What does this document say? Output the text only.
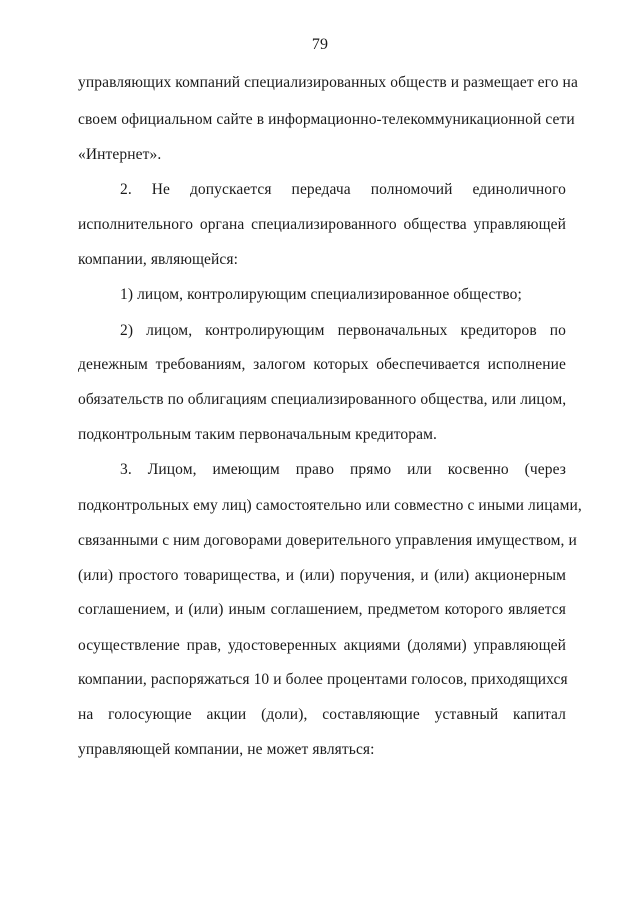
79
управляющих компаний специализированных обществ и размещает его на
своем официальном сайте в информационно-телекоммуникационной сети
«Интернет».
2. Не допускается передача полномочий единоличного
исполнительного органа специализированного общества управляющей
компании, являющейся:
1) лицом, контролирующим специализированное общество;
2) лицом, контролирующим первоначальных кредиторов по
денежным требованиям, залогом которых обеспечивается исполнение
обязательств по облигациям специализированного общества, или лицом,
подконтрольным таким первоначальным кредиторам.
3. Лицом, имеющим право прямо или косвенно (через
подконтрольных ему лиц) самостоятельно или совместно с иными лицами,
связанными с ним договорами доверительного управления имуществом, и
(или) простого товарищества, и (или) поручения, и (или) акционерным
соглашением, и (или) иным соглашением, предметом которого является
осуществление прав, удостоверенных акциями (долями) управляющей
компании, распоряжаться 10 и более процентами голосов, приходящихся
на голосующие акции (доли), составляющие уставный капитал
управляющей компании, не может являться:
